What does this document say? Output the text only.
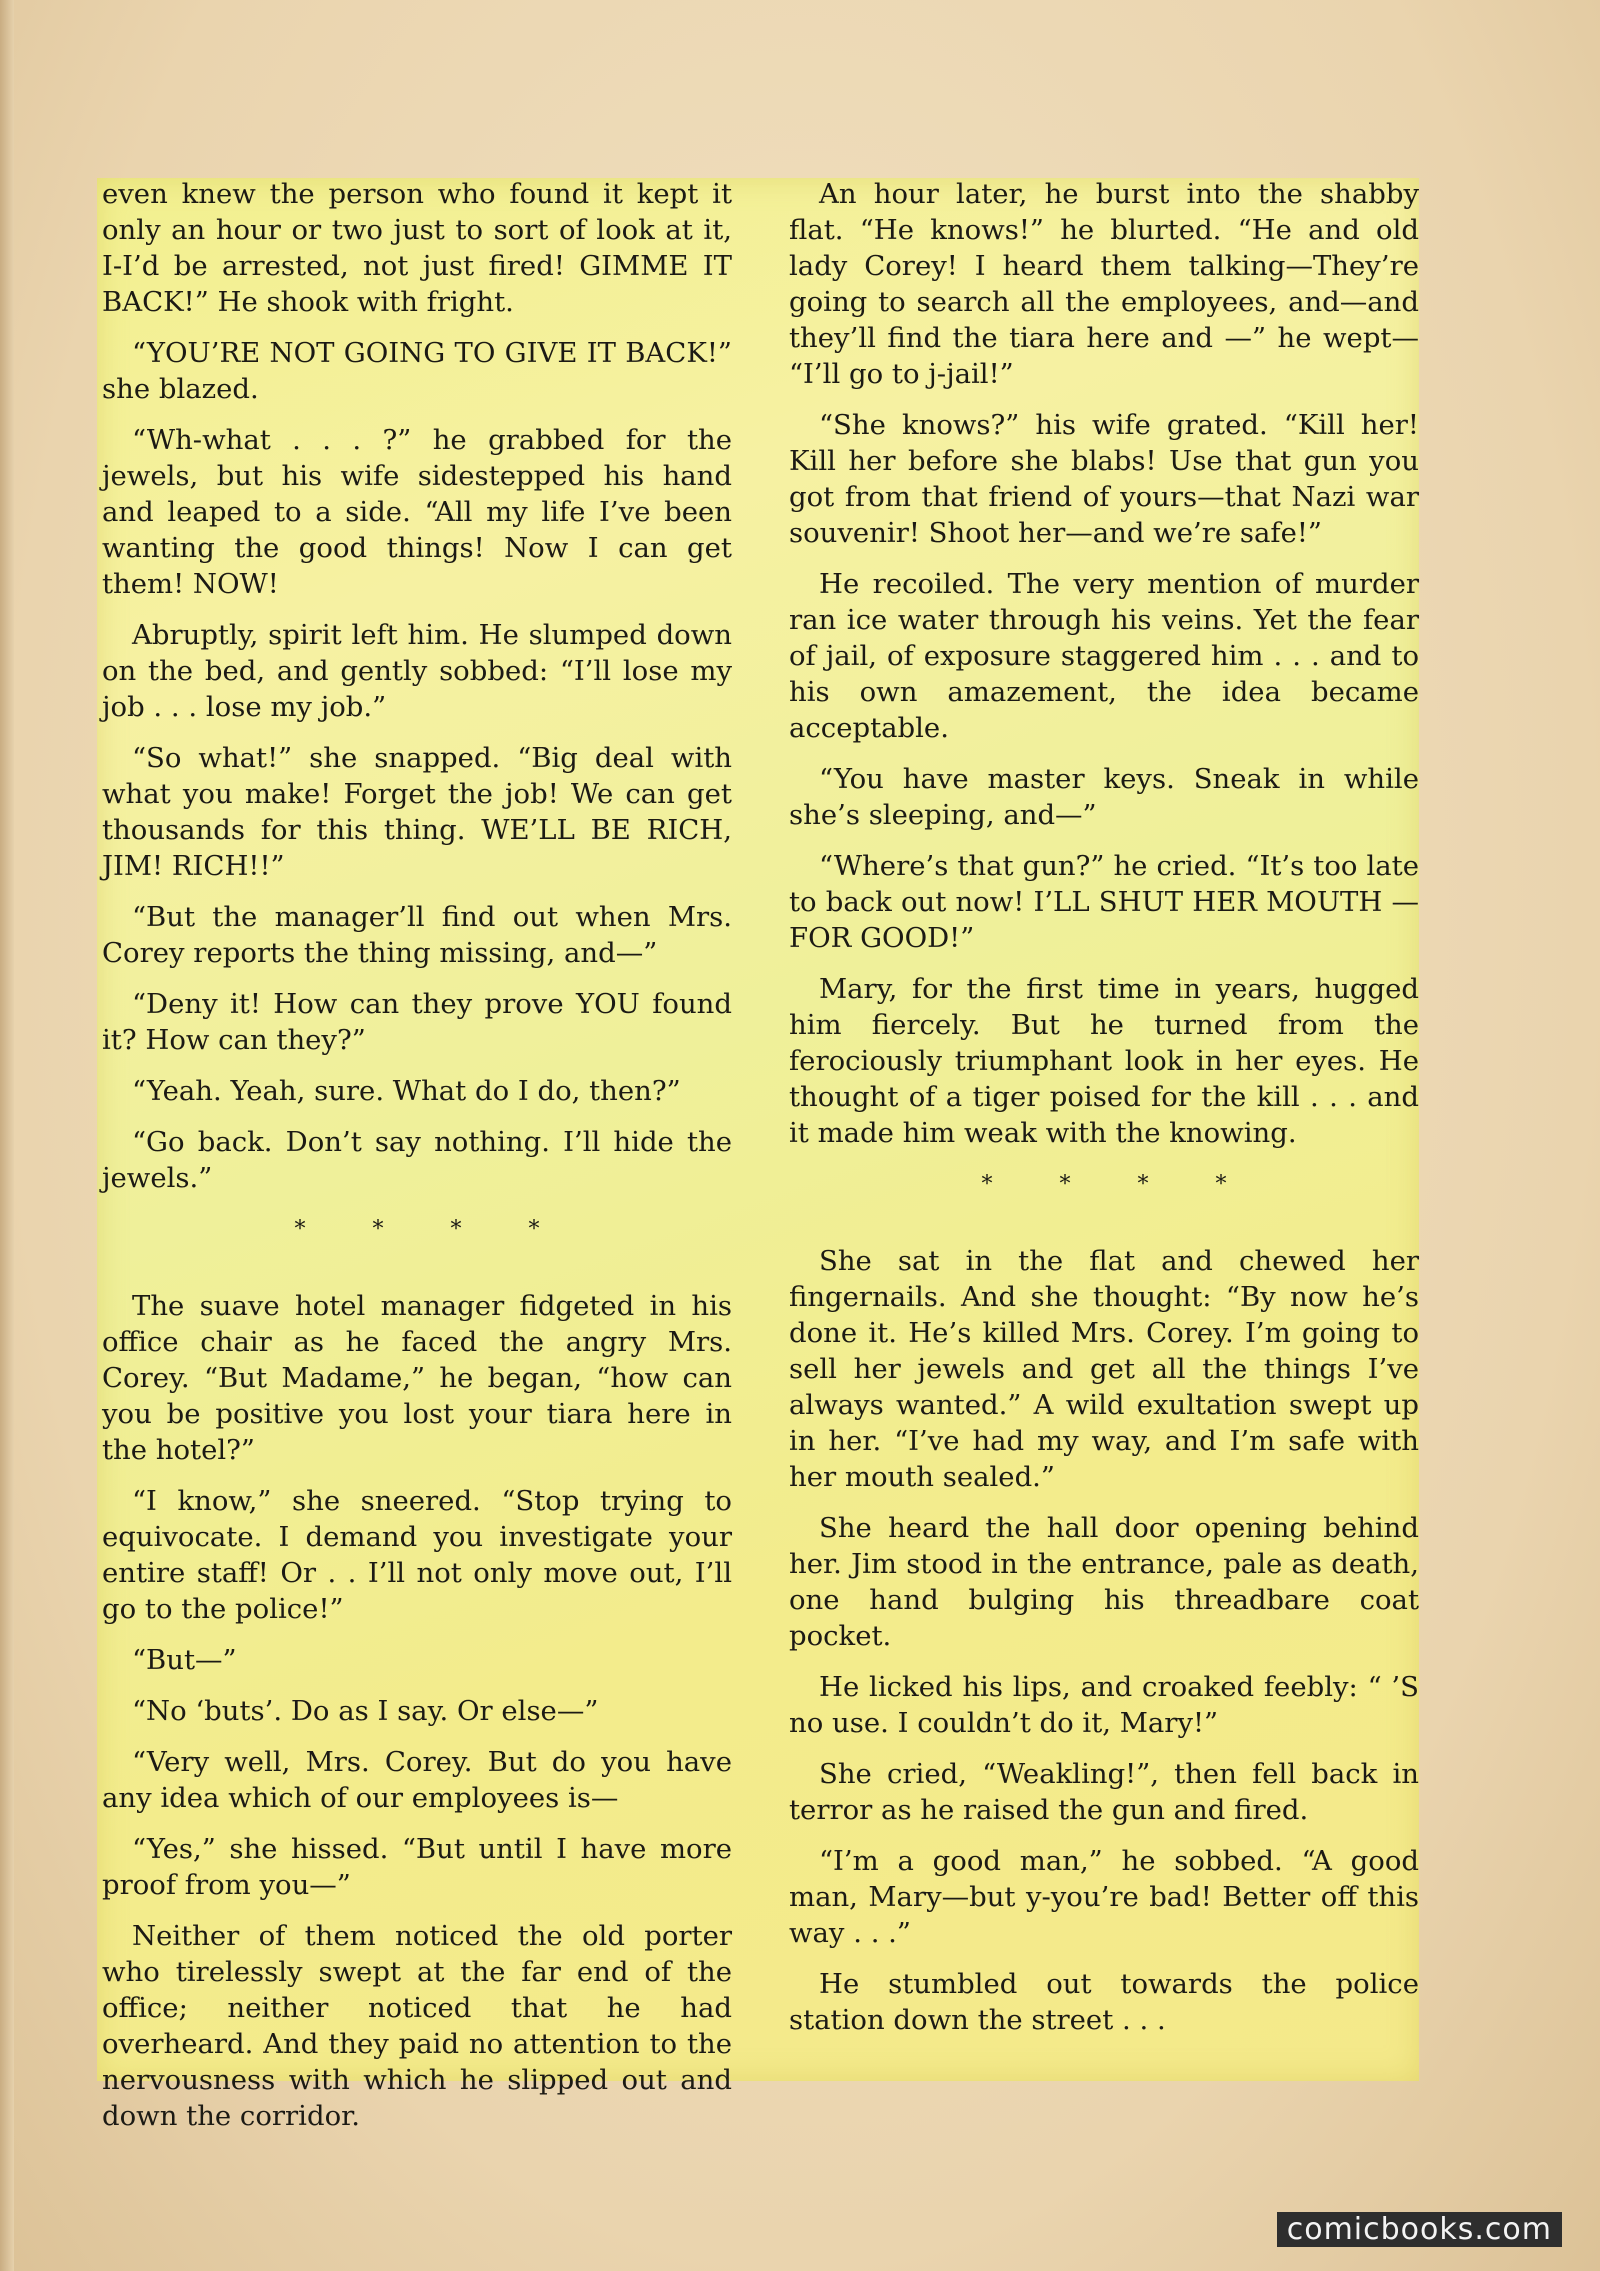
even knew the person who found it kept it only an hour or two just to sort of look at it, I-I’d be arrested, not just fired! GIMME IT BACK!” He shook with fright.

“YOU’RE NOT GOING TO GIVE IT BACK!” she blazed.

“Wh-what . . . ?” he grabbed for the jewels, but his wife sidestepped his hand and leaped to a side. “All my life I’ve been wanting the good things! Now I can get them! NOW!

Abruptly, spirit left him. He slumped down on the bed, and gently sobbed: “I’ll lose my job . . . lose my job.”

“So what!” she snapped. “Big deal with what you make! Forget the job! We can get thousands for this thing. WE’LL BE RICH, JIM! RICH!!”

“But the manager’ll find out when Mrs. Corey reports the thing missing, and—”

“Deny it! How can they prove YOU found it? How can they?”

“Yeah. Yeah, sure. What do I do, then?”

“Go back. Don’t say nothing. I’ll hide the jewels.”

* * * *

The suave hotel manager fidgeted in his office chair as he faced the angry Mrs. Corey. “But Madame,” he began, “how can you be positive you lost your tiara here in the hotel?”

“I know,” she sneered. “Stop trying to equivocate. I demand you investigate your entire staff! Or . . I’ll not only move out, I’ll go to the police!”

“But—”

“No ‘buts’. Do as I say. Or else—”

“Very well, Mrs. Corey. But do you have any idea which of our employees is—

“Yes,” she hissed. “But until I have more proof from you—”

Neither of them noticed the old porter who tirelessly swept at the far end of the office; neither noticed that he had overheard. And they paid no attention to the nervousness with which he slipped out and down the corridor.

An hour later, he burst into the shabby flat. “He knows!” he blurted. “He and old lady Corey! I heard them talking—They’re going to search all the employees, and—and they’ll find the tiara here and —” he wept— “I’ll go to j-jail!”

“She knows?” his wife grated. “Kill her! Kill her before she blabs! Use that gun you got from that friend of yours—that Nazi war souvenir! Shoot her—and we’re safe!”

He recoiled. The very mention of murder ran ice water through his veins. Yet the fear of jail, of exposure staggered him . . . and to his own amazement, the idea became acceptable.

“You have master keys. Sneak in while she’s sleeping, and—”

“Where’s that gun?” he cried. “It’s too late to back out now! I’LL SHUT HER MOUTH —FOR GOOD!”

Mary, for the first time in years, hugged him fiercely. But he turned from the ferociously triumphant look in her eyes. He thought of a tiger poised for the kill . . . and it made him weak with the knowing.

* * * *

She sat in the flat and chewed her fingernails. And she thought: “By now he’s done it. He’s killed Mrs. Corey. I’m going to sell her jewels and get all the things I’ve always wanted.” A wild exultation swept up in her. “I’ve had my way, and I’m safe with her mouth sealed.”

She heard the hall door opening behind her. Jim stood in the entrance, pale as death, one hand bulging his threadbare coat pocket.

He licked his lips, and croaked feebly: “ ’S no use. I couldn’t do it, Mary!”

She cried, “Weakling!”, then fell back in terror as he raised the gun and fired.

“I’m a good man,” he sobbed. “A good man, Mary—but y-you’re bad! Better off this way . . .”

He stumbled out towards the police station down the street . . .

comicbooks.com
